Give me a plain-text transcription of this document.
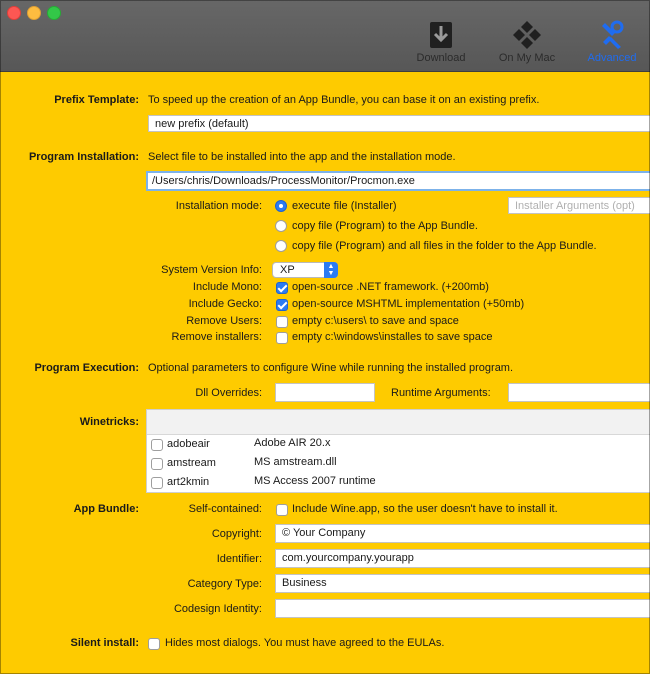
Download	On My Mac	Advanced
Prefix Template: To speed up the creation of an App Bundle, you can base it on an existing prefix.
new prefix (default)
Program Installation: Select file to be installed into the app and the installation mode.
/Users/chris/Downloads/ProcessMonitor/Procmon.exe
Installation mode:	execute file (Installer)	Installer Arguments (opt)
copy file (Program) to the App Bundle.
copy file (Program) and all files in the folder to the App Bundle.
System Version Info:	XP	▲
▼
Include Mono:	open-source .NET framework. (+200mb)
Include Gecko:	open-source MSHTML implementation (+50mb)
Remove Users:	empty c:\users\ to save and space
Remove installers:	empty c:\windows\installes to save space
Program Execution: Optional parameters to configure Wine while running the installed program.
Dll Overrides:	Runtime Arguments:
Winetricks:
adobeair	Adobe AIR 20.x
amstream	MS amstream.dll
art2kmin	MS Access 2007 runtime
App Bundle:	Self-contained:	Include Wine.app, so the user doesn't have to install it.
Copyright:	© Your Company
Identifier:	com.yourcompany.yourapp
Category Type:	Business
Codesign Identity:
Silent install: Hides most dialogs. You must have agreed to the EULAs.
